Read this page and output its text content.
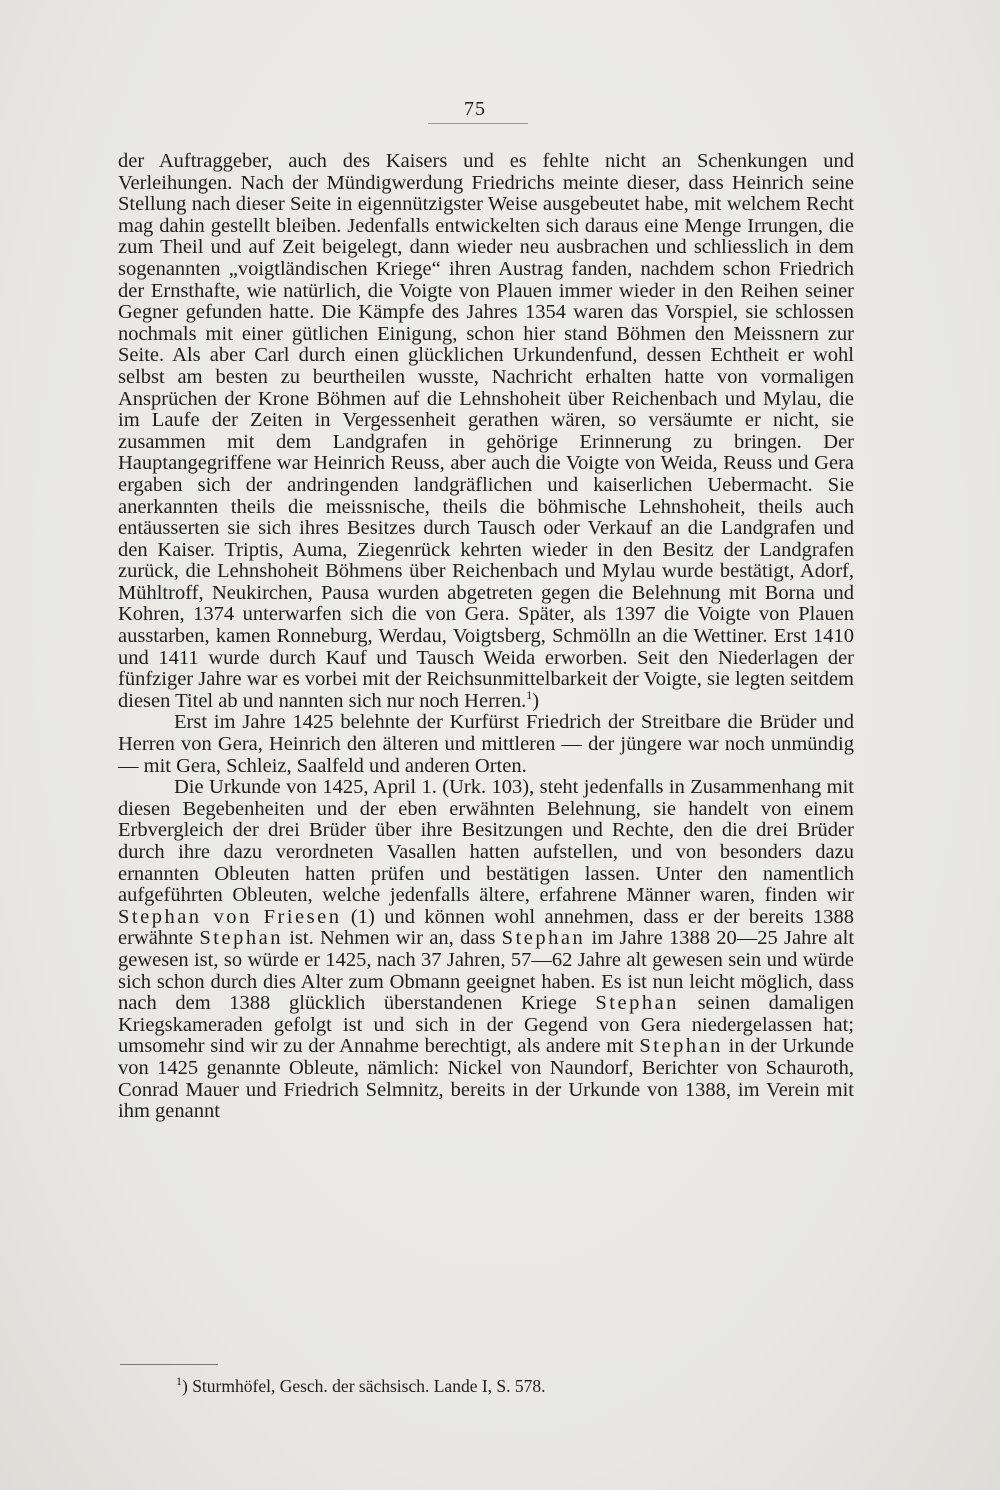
75

der Auftraggeber, auch des Kaisers und es fehlte nicht an Schenkungen und Verleihungen. Nach der Mündigwerdung Friedrichs meinte dieser, dass Heinrich seine Stellung nach dieser Seite in eigennützigster Weise ausgebeutet habe, mit welchem Recht mag dahin gestellt bleiben. Jedenfalls entwickelten sich daraus eine Menge Irrungen, die zum Theil und auf Zeit beigelegt, dann wieder neu ausbrachen und schliesslich in dem sogenannten „voigtländischen Kriege“ ihren Austrag fanden, nachdem schon Friedrich der Ernsthafte, wie natürlich, die Voigte von Plauen immer wieder in den Reihen seiner Gegner gefunden hatte. Die Kämpfe des Jahres 1354 waren das Vorspiel, sie schlossen nochmals mit einer gütlichen Einigung, schon hier stand Böhmen den Meissnern zur Seite. Als aber Carl durch einen glücklichen Urkundenfund, dessen Echtheit er wohl selbst am besten zu beurtheilen wusste, Nachricht erhalten hatte von vormaligen Ansprüchen der Krone Böhmen auf die Lehnshoheit über Reichenbach und Mylau, die im Laufe der Zeiten in Vergessenheit gerathen wären, so versäumte er nicht, sie zusammen mit dem Landgrafen in gehörige Erinnerung zu bringen. Der Hauptangegriffene war Heinrich Reuss, aber auch die Voigte von Weida, Reuss und Gera ergaben sich der andringenden landgräflichen und kaiserlichen Uebermacht. Sie anerkannten theils die meissnische, theils die böhmische Lehnshoheit, theils auch entäusserten sie sich ihres Besitzes durch Tausch oder Verkauf an die Landgrafen und den Kaiser. Triptis, Auma, Ziegenrück kehrten wieder in den Besitz der Landgrafen zurück, die Lehnshoheit Böhmens über Reichenbach und Mylau wurde bestätigt, Adorf, Mühltroff, Neukirchen, Pausa wurden abgetreten gegen die Belehnung mit Borna und Kohren, 1374 unterwarfen sich die von Gera. Später, als 1397 die Voigte von Plauen ausstarben, kamen Ronneburg, Werdau, Voigtsberg, Schmölln an die Wettiner. Erst 1410 und 1411 wurde durch Kauf und Tausch Weida erworben. Seit den Niederlagen der fünfziger Jahre war es vorbei mit der Reichsunmittelbarkeit der Voigte, sie legten seitdem diesen Titel ab und nannten sich nur noch Herren.$^1$)

Erst im Jahre 1425 belehnte der Kurfürst Friedrich der Streitbare die Brüder und Herren von Gera, Heinrich den älteren und mittleren — der jüngere war noch unmündig — mit Gera, Schleiz, Saalfeld und anderen Orten.

Die Urkunde von 1425, April 1. (Urk. 103), steht jedenfalls in Zusammenhang mit diesen Begebenheiten und der eben erwähnten Belehnung, sie handelt von einem Erbvergleich der drei Brüder über ihre Besitzungen und Rechte, den die drei Brüder durch ihre dazu verordneten Vasallen hatten aufstellen, und von besonders dazu ernannten Obleuten hatten prüfen und bestätigen lassen. Unter den namentlich aufgeführten Obleuten, welche jedenfalls ältere, erfahrene Männer waren, finden wir Stephan von Friesen (1) und können wohl annehmen, dass er der bereits 1388 erwähnte Stephan ist. Nehmen wir an, dass Stephan im Jahre 1388 20—25 Jahre alt gewesen ist, so würde er 1425, nach 37 Jahren, 57—62 Jahre alt gewesen sein und würde sich schon durch dies Alter zum Obmann geeignet haben. Es ist nun leicht möglich, dass nach dem 1388 glücklich überstandenen Kriege Stephan seinen damaligen Kriegskameraden gefolgt ist und sich in der Gegend von Gera niedergelassen hat; umsomehr sind wir zu der Annahme berechtigt, als andere mit Stephan in der Urkunde von 1425 genannte Obleute, nämlich: Nickel von Naundorf, Berichter von Schauroth, Conrad Mauer und Friedrich Selmnitz, bereits in der Urkunde von 1388, im Verein mit ihm genannt

$^1$) Sturmhöfel, Gesch. der sächsisch. Lande I, S. 578.
